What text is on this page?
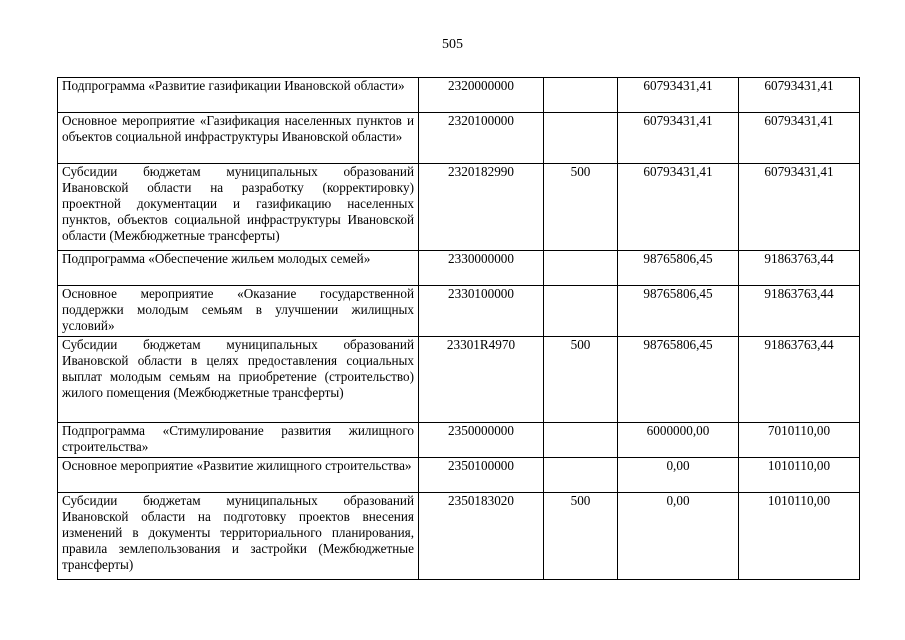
505
Подпрограмма «Развитие газификации Ивановской области»	2320000000		60793431,41	60793431,41
Основное мероприятие «Газификация населенных пунктов и объектов социальной инфраструктуры Ивановской области»	2320100000		60793431,41	60793431,41
Субсидии бюджетам муниципальных образований Ивановской области на разработку (корректировку) проектной документации и газификацию населенных пунктов, объектов социальной инфраструктуры Ивановской области (Межбюджетные трансферты)	2320182990	500	60793431,41	60793431,41
Подпрограмма «Обеспечение жильем молодых семей»	2330000000		98765806,45	91863763,44
Основное мероприятие «Оказание государственной поддержки молодым семьям в улучшении жилищных условий»	2330100000		98765806,45	91863763,44
Субсидии бюджетам муниципальных образований Ивановской области в целях предоставления социальных выплат молодым семьям на приобретение (строительство) жилого помещения (Межбюджетные трансферты)	23301R4970	500	98765806,45	91863763,44
Подпрограмма «Стимулирование развития жилищного строительства»	2350000000		6000000,00	7010110,00
Основное мероприятие «Развитие жилищного строительства»	2350100000		0,00	1010110,00
Субсидии бюджетам муниципальных образований Ивановской области на подготовку проектов внесения изменений в документы территориального планирования, правила землепользования и застройки (Межбюджетные трансферты)	2350183020	500	0,00	1010110,00
